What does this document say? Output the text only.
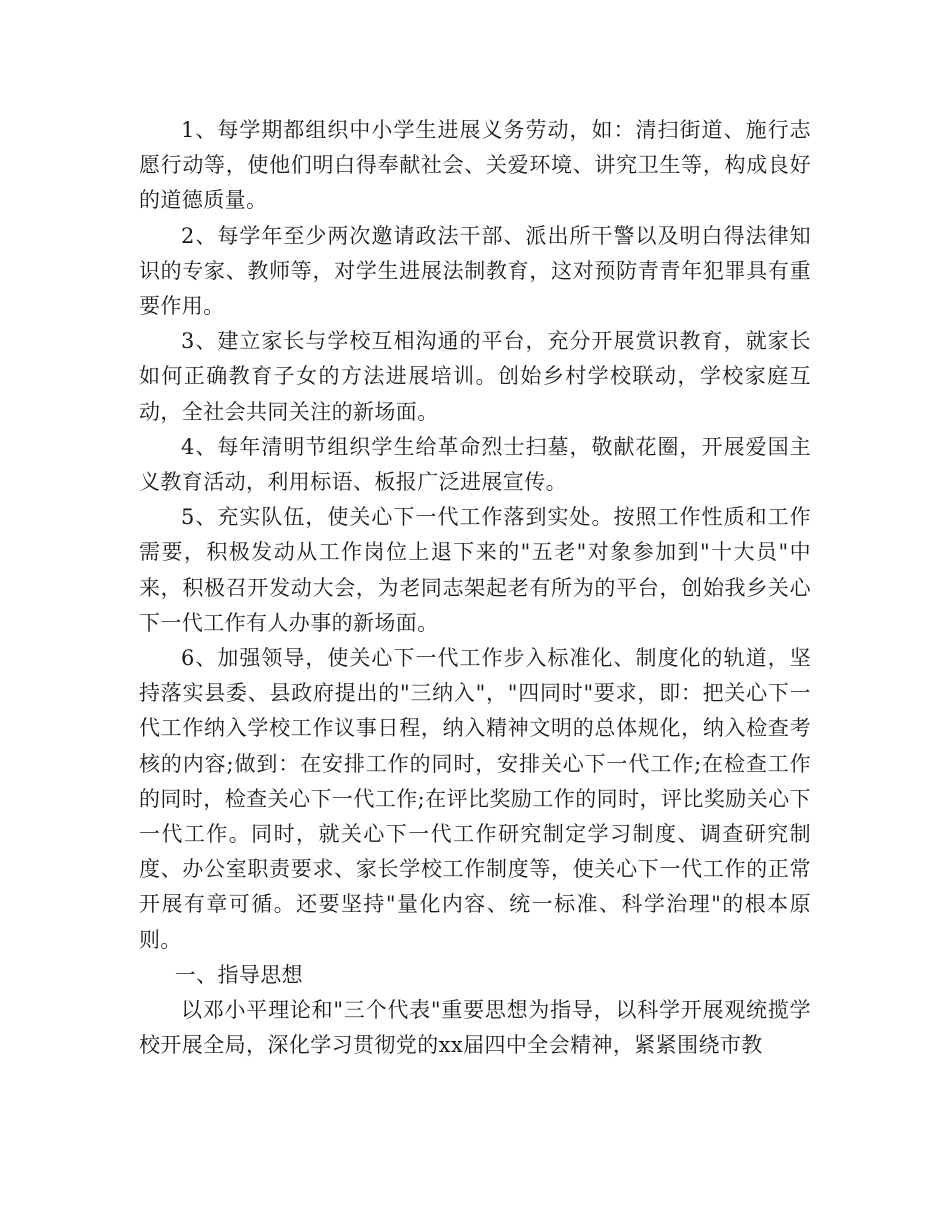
1、每学期都组织中小学生进展义务劳动，如：清扫街道、施行志愿行动等，使他们明白得奉献社会、关爱环境、讲究卫生等，构成良好的道德质量。

2、每学年至少两次邀请政法干部、派出所干警以及明白得法律知识的专家、教师等，对学生进展法制教育，这对预防青青年犯罪具有重要作用。

3、建立家长与学校互相沟通的平台，充分开展赏识教育，就家长如何正确教育子女的方法进展培训。创始乡村学校联动，学校家庭互动，全社会共同关注的新场面。

4、每年清明节组织学生给革命烈士扫墓，敬献花圈，开展爱国主义教育活动，利用标语、板报广泛进展宣传。

5、充实队伍，使关心下一代工作落到实处。按照工作性质和工作需要，积极发动从工作岗位上退下来的"五老"对象参加到"十大员"中来，积极召开发动大会，为老同志架起老有所为的平台，创始我乡关心下一代工作有人办事的新场面。

6、加强领导，使关心下一代工作步入标准化、制度化的轨道，坚持落实县委、县政府提出的"三纳入"，"四同时"要求，即：把关心下一代工作纳入学校工作议事日程，纳入精神文明的总体规化，纳入检查考核的内容;做到：在安排工作的同时，安排关心下一代工作;在检查工作的同时，检查关心下一代工作;在评比奖励工作的同时，评比奖励关心下一代工作。同时，就关心下一代工作研究制定学习制度、调查研究制度、办公室职责要求、家长学校工作制度等，使关心下一代工作的正常开展有章可循。还要坚持"量化内容、统一标准、科学治理"的根本原则。

一、指导思想

以邓小平理论和"三个代表"重要思想为指导，以科学开展观统揽学校开展全局，深化学习贯彻党的xx届四中全会精神，紧紧围绕市教
